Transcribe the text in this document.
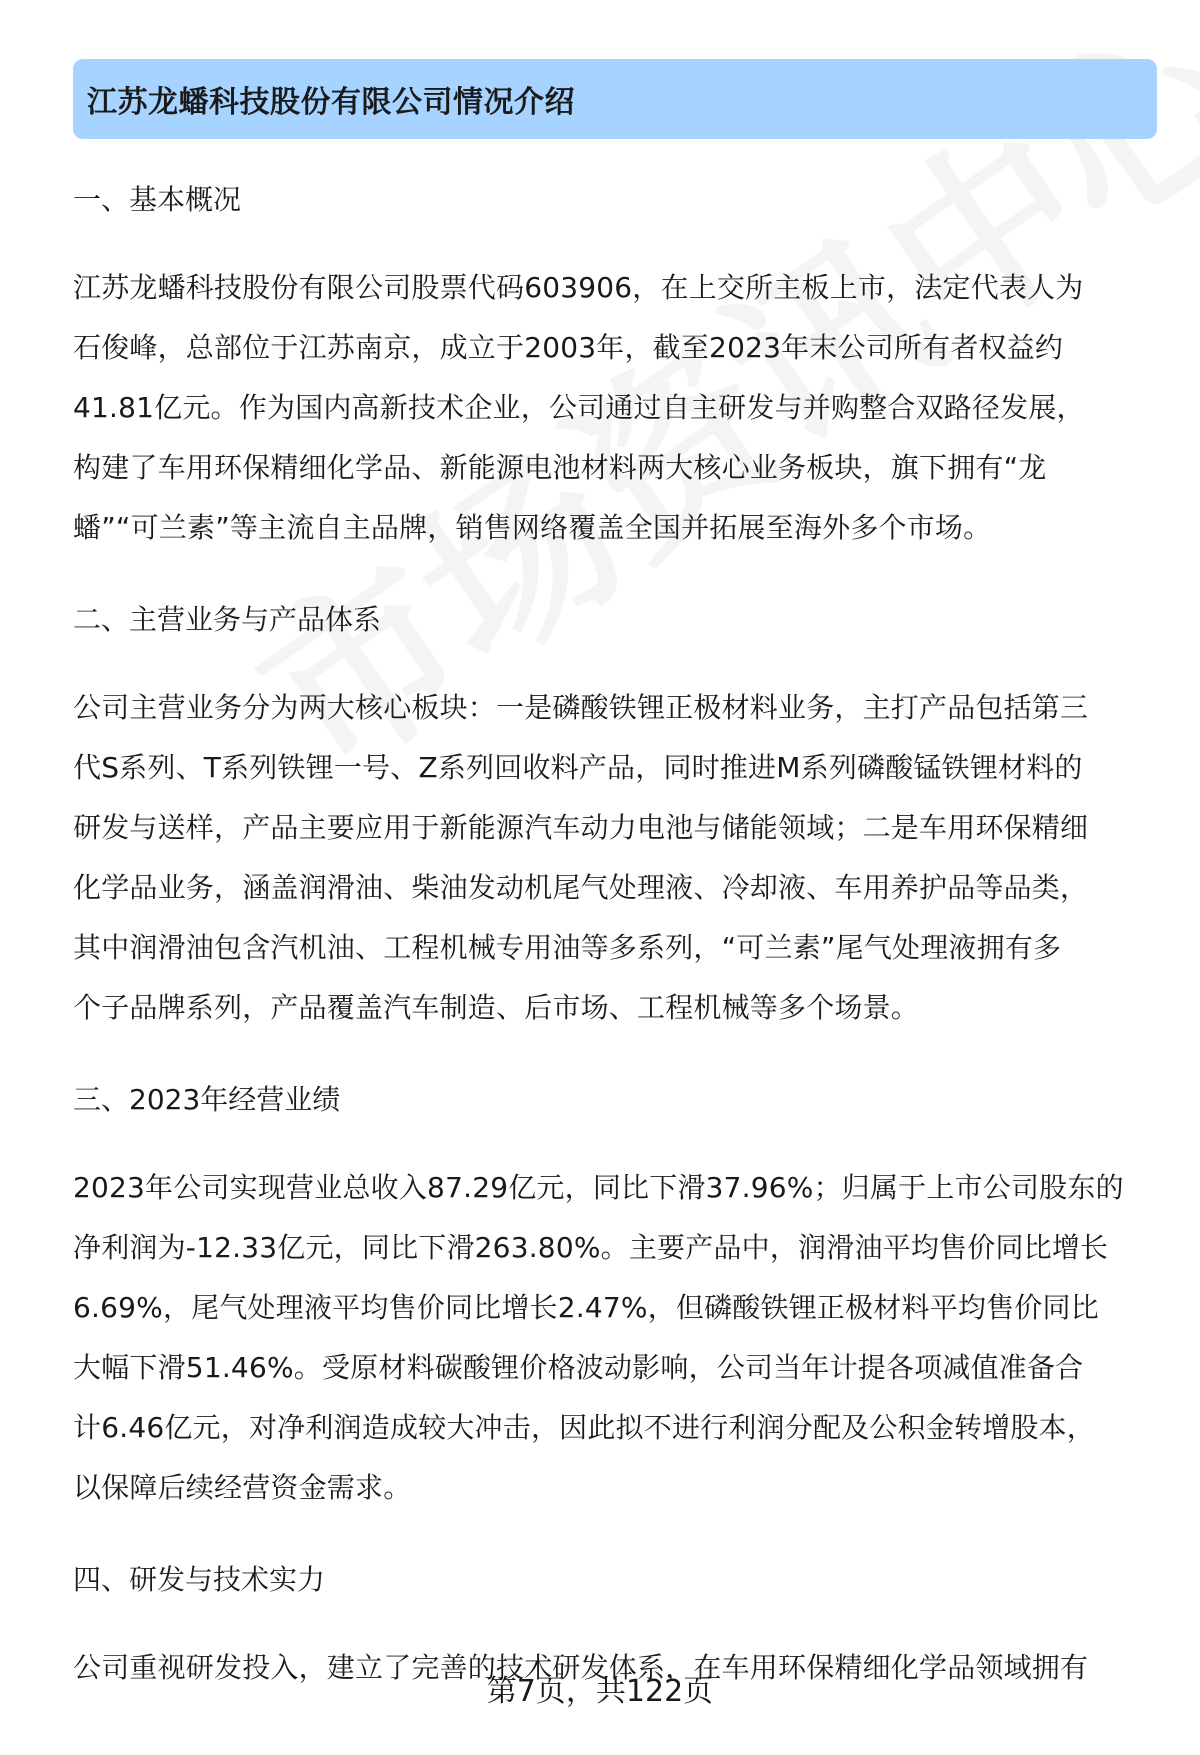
江苏龙蟠科技股份有限公司情况介绍
一、基本概况
江苏龙蟠科技股份有限公司股票代码603906，在上交所主板上市，法定代表人为
石俊峰，总部位于江苏南京，成立于2003年，截至2023年末公司所有者权益约
41.81亿元。作为国内高新技术企业，公司通过自主研发与并购整合双路径发展，
构建了车用环保精细化学品、新能源电池材料两大核心业务板块，旗下拥有“龙
蟠”“可兰素”等主流自主品牌，销售网络覆盖全国并拓展至海外多个市场。
二、主营业务与产品体系
公司主营业务分为两大核心板块：一是磷酸铁锂正极材料业务，主打产品包括第三
代S系列、T系列铁锂一号、Z系列回收料产品，同时推进M系列磷酸锰铁锂材料的
研发与送样，产品主要应用于新能源汽车动力电池与储能领域；二是车用环保精细
化学品业务，涵盖润滑油、柴油发动机尾气处理液、冷却液、车用养护品等品类，
其中润滑油包含汽机油、工程机械专用油等多系列，“可兰素”尾气处理液拥有多
个子品牌系列，产品覆盖汽车制造、后市场、工程机械等多个场景。
三、2023年经营业绩
2023年公司实现营业总收入87.29亿元，同比下滑37.96%；归属于上市公司股东的
净利润为-12.33亿元，同比下滑263.80%。主要产品中，润滑油平均售价同比增长
6.69%，尾气处理液平均售价同比增长2.47%，但磷酸铁锂正极材料平均售价同比
大幅下滑51.46%。受原材料碳酸锂价格波动影响，公司当年计提各项减值准备合
计6.46亿元，对净利润造成较大冲击，因此拟不进行利润分配及公积金转增股本，
以保障后续经营资金需求。
四、研发与技术实力
公司重视研发投入，建立了完善的技术研发体系，在车用环保精细化学品领域拥有
第7页，共122页
